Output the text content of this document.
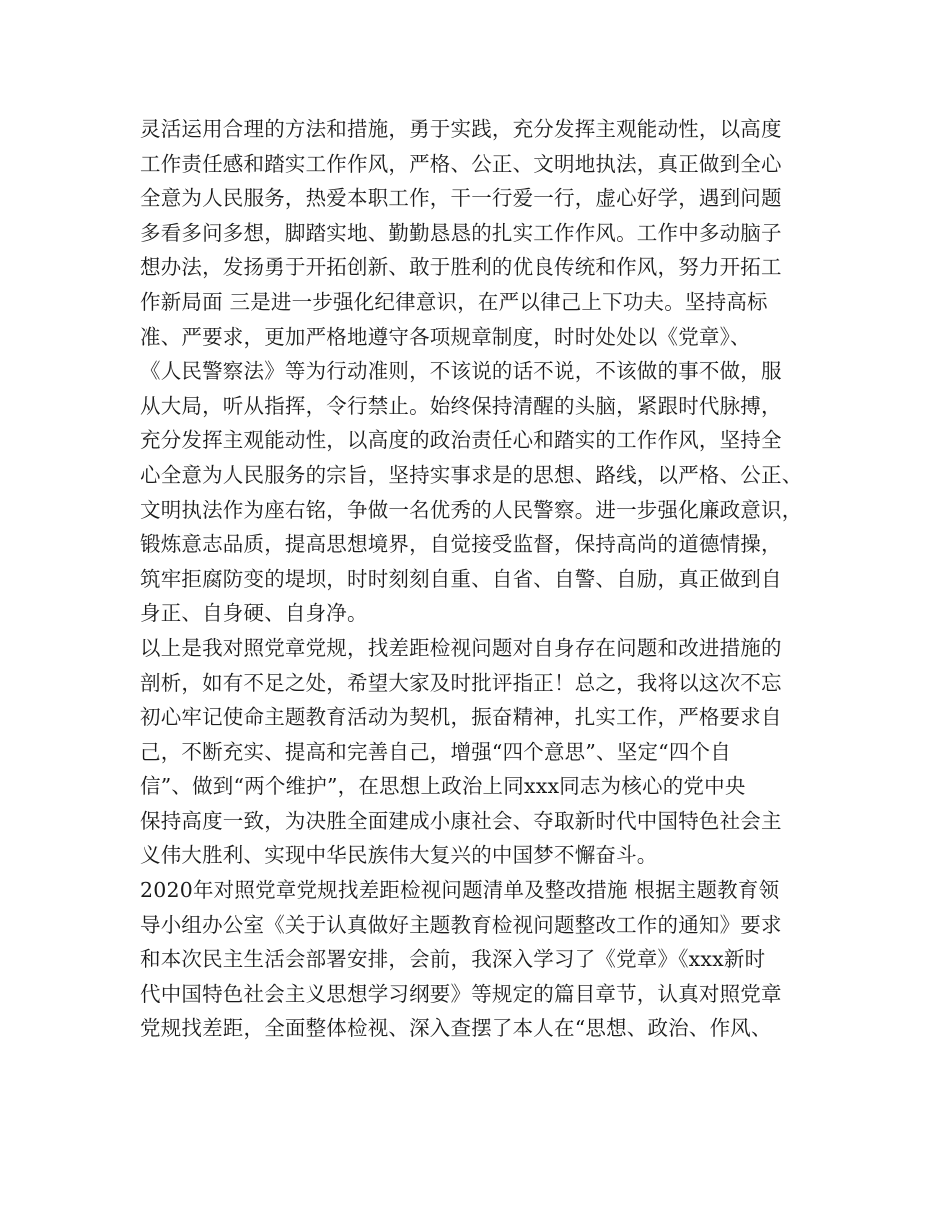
灵活运用合理的方法和措施，勇于实践，充分发挥主观能动性，以高度
工作责任感和踏实工作作风，严格、公正、文明地执法，真正做到全心
全意为人民服务，热爱本职工作，干一行爱一行，虚心好学，遇到问题
多看多问多想，脚踏实地、勤勤恳恳的扎实工作作风。工作中多动脑子
想办法，发扬勇于开拓创新、敢于胜利的优良传统和作风，努力开拓工
作新局面 三是进一步强化纪律意识，在严以律己上下功夫。坚持高标
准、严要求，更加严格地遵守各项规章制度，时时处处以《党章》、
《人民警察法》等为行动准则，不该说的话不说，不该做的事不做，服
从大局，听从指挥，令行禁止。始终保持清醒的头脑，紧跟时代脉搏，
充分发挥主观能动性，以高度的政治责任心和踏实的工作作风，坚持全
心全意为人民服务的宗旨，坚持实事求是的思想、路线，以严格、公正、
文明执法作为座右铭，争做一名优秀的人民警察。进一步强化廉政意识，
锻炼意志品质，提高思想境界，自觉接受监督，保持高尚的道德情操，
筑牢拒腐防变的堤坝，时时刻刻自重、自省、自警、自励，真正做到自
身正、自身硬、自身净。
以上是我对照党章党规，找差距检视问题对自身存在问题和改进措施的
剖析，如有不足之处，希望大家及时批评指正！总之，我将以这次不忘
初心牢记使命主题教育活动为契机，振奋精神，扎实工作，严格要求自
己，不断充实、提高和完善自己，增强“四个意思”、坚定“四个自
信”、做到“两个维护”，在思想上政治上同xxx同志为核心的党中央
保持高度一致，为决胜全面建成小康社会、夺取新时代中国特色社会主
义伟大胜利、实现中华民族伟大复兴的中国梦不懈奋斗。
2020年对照党章党规找差距检视问题清单及整改措施 根据主题教育领
导小组办公室《关于认真做好主题教育检视问题整改工作的通知》要求
和本次民主生活会部署安排，会前，我深入学习了《党章》《xxx新时
代中国特色社会主义思想学习纲要》等规定的篇目章节，认真对照党章
党规找差距，全面整体检视、深入查摆了本人在“思想、政治、作风、
